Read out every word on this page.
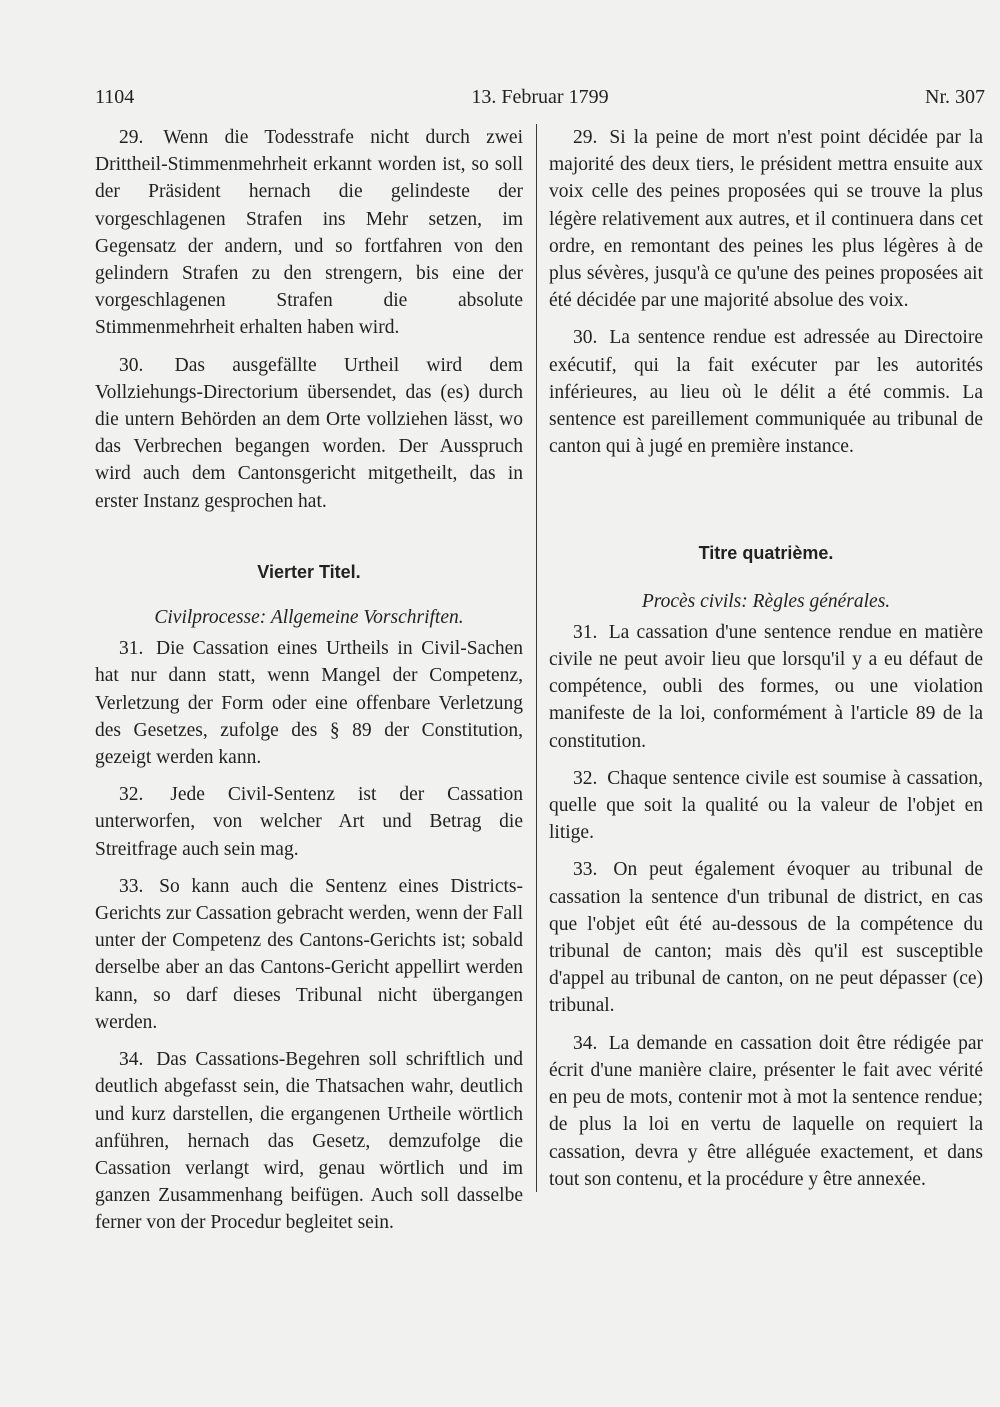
1104	13. Februar 1799	Nr. 307

29. Wenn die Todesstrafe nicht durch zwei Drittheil-Stimmenmehrheit erkannt worden ist, so soll der Präsident hernach die gelindeste der vorgeschlagenen Strafen ins Mehr setzen, im Gegensatz der andern, und so fortfahren von den gelindern Strafen zu den strengern, bis eine der vorgeschlagenen Strafen die absolute Stimmenmehrheit erhalten haben wird.

30. Das ausgefällte Urtheil wird dem Vollziehungs-Directorium übersendet, das (es) durch die untern Behörden an dem Orte vollziehen lässt, wo das Verbrechen begangen worden. Der Ausspruch wird auch dem Cantonsgericht mitgetheilt, das in erster Instanz gesprochen hat.

Vierter Titel.

Civilprocesse: Allgemeine Vorschriften.

31. Die Cassation eines Urtheils in Civil-Sachen hat nur dann statt, wenn Mangel der Competenz, Verletzung der Form oder eine offenbare Verletzung des Gesetzes, zufolge des § 89 der Constitution, gezeigt werden kann.

32. Jede Civil-Sentenz ist der Cassation unterworfen, von welcher Art und Betrag die Streitfrage auch sein mag.

33. So kann auch die Sentenz eines Districts-Gerichts zur Cassation gebracht werden, wenn der Fall unter der Competenz des Cantons-Gerichts ist; sobald derselbe aber an das Cantons-Gericht appellirt werden kann, so darf dieses Tribunal nicht übergangen werden.

34. Das Cassations-Begehren soll schriftlich und deutlich abgefasst sein, die Thatsachen wahr, deutlich und kurz darstellen, die ergangenen Urtheile wörtlich anführen, hernach das Gesetz, demzufolge die Cassation verlangt wird, genau wörtlich und im ganzen Zusammenhang beifügen. Auch soll dasselbe ferner von der Procedur begleitet sein.

29. Si la peine de mort n'est point décidée par la majorité des deux tiers, le président mettra ensuite aux voix celle des peines proposées qui se trouve la plus légère relativement aux autres, et il continuera dans cet ordre, en remontant des peines les plus légères à de plus sévères, jusqu'à ce qu'une des peines proposées ait été décidée par une majorité absolue des voix.

30. La sentence rendue est adressée au Directoire exécutif, qui la fait exécuter par les autorités inférieures, au lieu où le délit a été commis. La sentence est pareillement communiquée au tribunal de canton qui à jugé en première instance.

Titre quatrième.

Procès civils: Règles générales.

31. La cassation d'une sentence rendue en matière civile ne peut avoir lieu que lorsqu'il y a eu défaut de compétence, oubli des formes, ou une violation manifeste de la loi, conformément à l'article 89 de la constitution.

32. Chaque sentence civile est soumise à cassation, quelle que soit la qualité ou la valeur de l'objet en litige.

33. On peut également évoquer au tribunal de cassation la sentence d'un tribunal de district, en cas que l'objet eût été au-dessous de la compétence du tribunal de canton; mais dès qu'il est susceptible d'appel au tribunal de canton, on ne peut dépasser (ce) tribunal.

34. La demande en cassation doit être rédigée par écrit d'une manière claire, présenter le fait avec vérité en peu de mots, contenir mot à mot la sentence rendue; de plus la loi en vertu de laquelle on requiert la cassation, devra y être alléguée exactement, et dans tout son contenu, et la procédure y être annexée.
